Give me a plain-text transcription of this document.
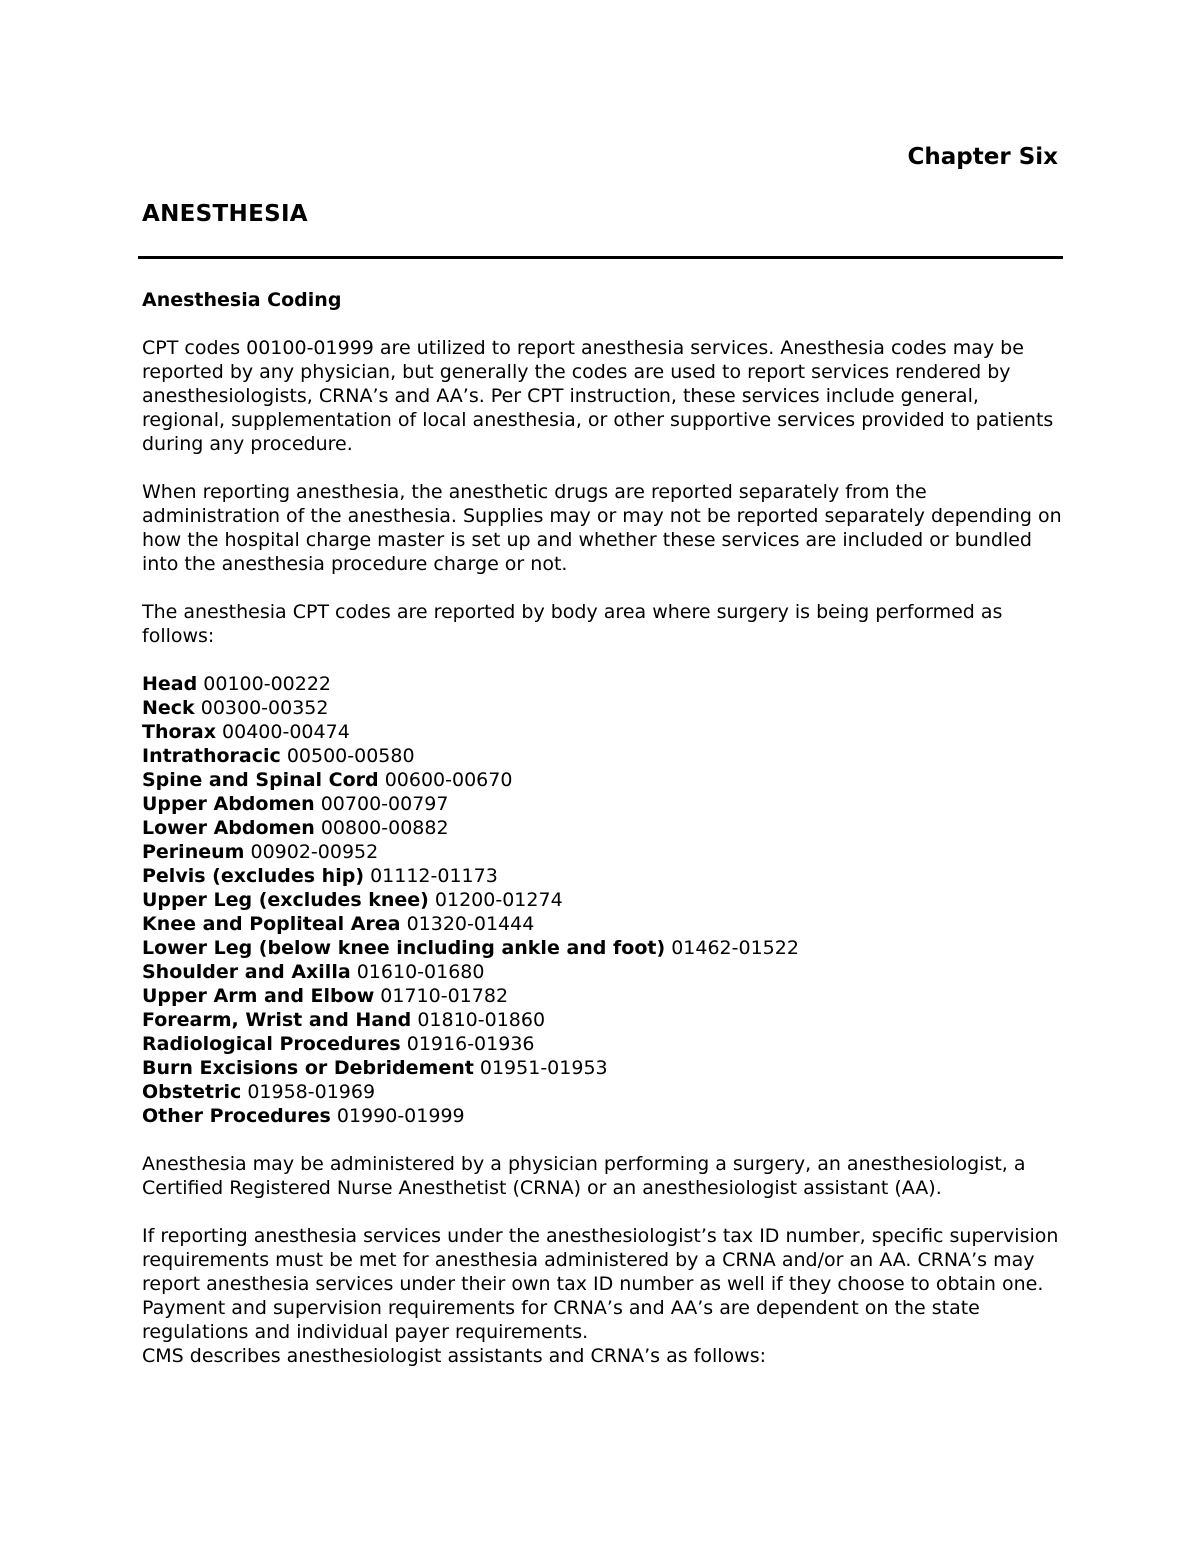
Chapter Six
ANESTHESIA

Anesthesia Coding

CPT codes 00100-01999 are utilized to report anesthesia services. Anesthesia codes may be reported by any physician, but generally the codes are used to report services rendered by anesthesiologists, CRNA’s and AA’s. Per CPT instruction, these services include general, regional, supplementation of local anesthesia, or other supportive services provided to patients during any procedure.

When reporting anesthesia, the anesthetic drugs are reported separately from the administration of the anesthesia. Supplies may or may not be reported separately depending on how the hospital charge master is set up and whether these services are included or bundled into the anesthesia procedure charge or not.

The anesthesia CPT codes are reported by body area where surgery is being performed as follows:

Head 00100-00222
Neck 00300-00352
Thorax 00400-00474
Intrathoracic 00500-00580
Spine and Spinal Cord 00600-00670
Upper Abdomen 00700-00797
Lower Abdomen 00800-00882
Perineum 00902-00952
Pelvis (excludes hip) 01112-01173
Upper Leg (excludes knee) 01200-01274
Knee and Popliteal Area 01320-01444
Lower Leg (below knee including ankle and foot) 01462-01522
Shoulder and Axilla 01610-01680
Upper Arm and Elbow 01710-01782
Forearm, Wrist and Hand 01810-01860
Radiological Procedures 01916-01936
Burn Excisions or Debridement 01951-01953
Obstetric 01958-01969
Other Procedures 01990-01999

Anesthesia may be administered by a physician performing a surgery, an anesthesiologist, a Certified Registered Nurse Anesthetist (CRNA) or an anesthesiologist assistant (AA).

If reporting anesthesia services under the anesthesiologist’s tax ID number, specific supervision requirements must be met for anesthesia administered by a CRNA and/or an AA. CRNA’s may report anesthesia services under their own tax ID number as well if they choose to obtain one. Payment and supervision requirements for CRNA’s and AA’s are dependent on the state regulations and individual payer requirements.

CMS describes anesthesiologist assistants and CRNA’s as follows:
